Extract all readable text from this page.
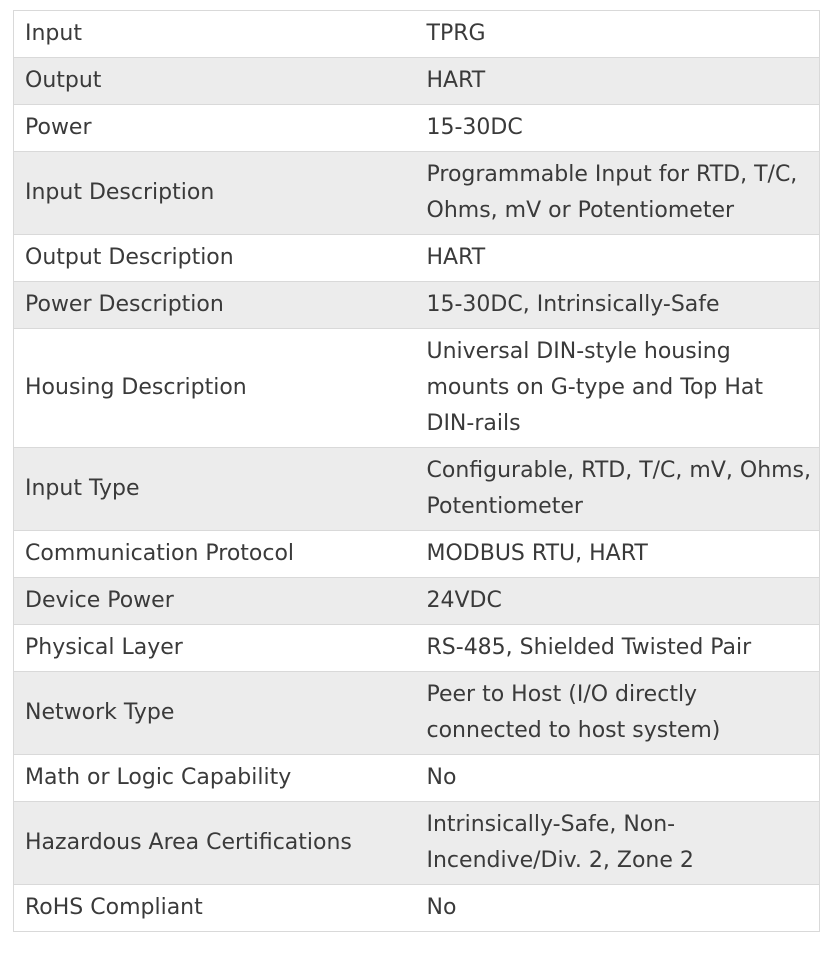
Input	TPRG
Output	HART
Power	15-30DC
Input Description	Programmable Input for RTD, T/C, Ohms, mV or Potentiometer
Output Description	HART
Power Description	15-30DC, Intrinsically-Safe
Housing Description	Universal DIN-style housing mounts on G-type and Top Hat DIN-rails
Input Type	Configurable, RTD, T/C, mV, Ohms, Potentiometer
Communication Protocol	MODBUS RTU, HART
Device Power	24VDC
Physical Layer	RS-485, Shielded Twisted Pair
Network Type	Peer to Host (I/O directly connected to host system)
Math or Logic Capability	No
Hazardous Area Certifications	Intrinsically-Safe, Non-Incendive/Div. 2, Zone 2
RoHS Compliant	No
